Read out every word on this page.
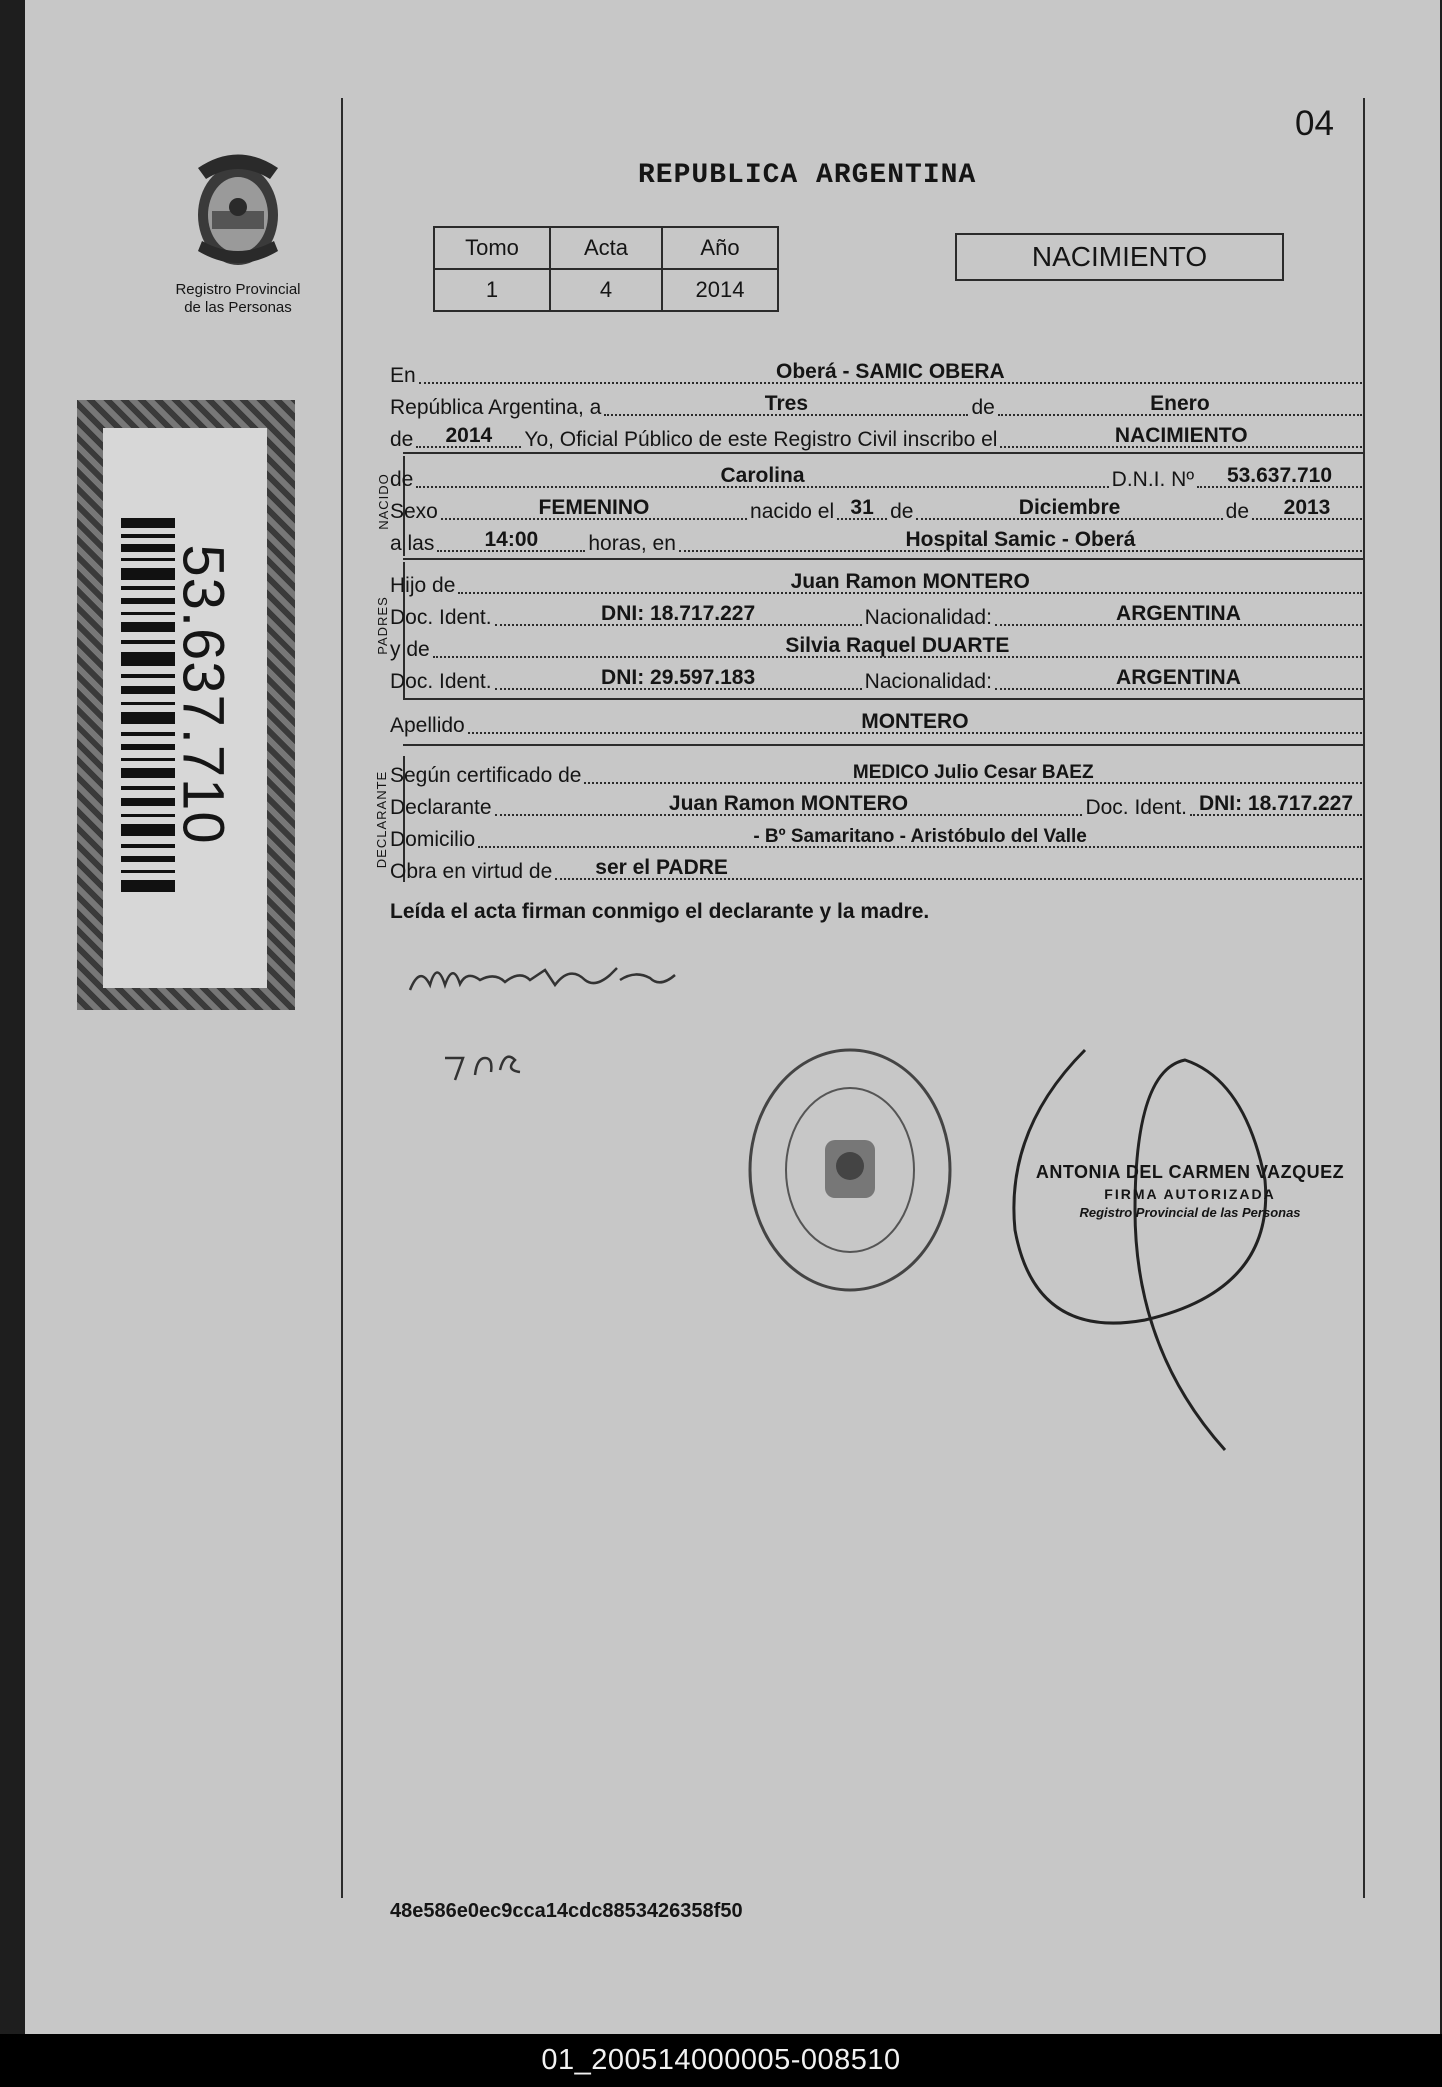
04
REPUBLICA ARGENTINA
Registro Provincial
de las Personas
Tomo	Acta	Año
1	4	2014
NACIMIENTO
53.637.710
En	Oberá - SAMIC OBERA
República Argentina, a	Tres	de	Enero
de	2014	Yo, Oficial Público de este Registro Civil inscribo el	NACIMIENTO
NACIDO de	Carolina	D.N.I. Nº	53.637.710
Sexo	FEMENINO	nacido el 31 de	Diciembre	de	2013
a las	14:00	horas, en	Hospital Samic - Oberá
PADRES
Hijo de	Juan Ramon MONTERO
Doc. Ident.	DNI: 18.717.227	Nacionalidad:	ARGENTINA
y de	Silvia Raquel DUARTE
Doc. Ident.	DNI: 29.597.183	Nacionalidad:	ARGENTINA
Apellido	MONTERO
DECLARANTE Según certificado de	MEDICO Julio Cesar BAEZ
Declarante	Juan Ramon MONTERO	Doc. Ident. DNI: 18.717.227
Domicilio	- Bº Samaritano - Aristóbulo del Valle
Obra en virtud de	ser el PADRE
Leída el acta firman conmigo el declarante y la madre.
ANTONIA DEL CARMEN VAZQUEZ
FIRMA AUTORIZADA
Registro Provincial de las Personas
48e586e0ec9cca14cdc8853426358f50
01_200514000005-008510
